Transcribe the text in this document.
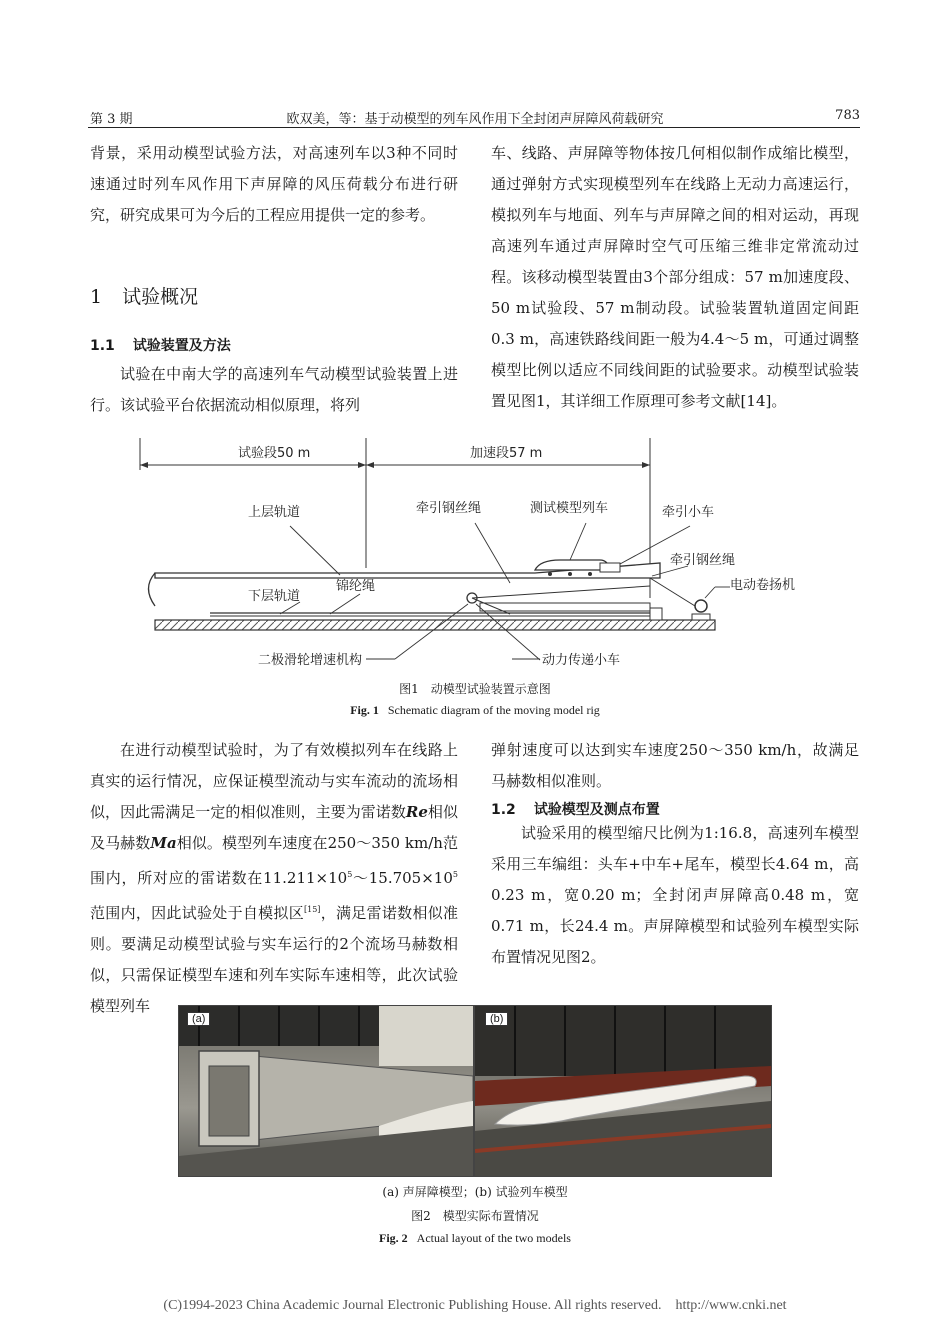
第 3 期	欧双美，等：基于动模型的列车风作用下全封闭声屏障风荷载研究	783

背景，采用动模型试验方法，对高速列车以3种不同时速通过时列车风作用下声屏障的风压荷载分布进行研究，研究成果可为今后的工程应用提供一定的参考。

1 试验概况
1.1 试验装置及方法

试验在中南大学的高速列车气动模型试验装置上进行。该试验平台依据流动相似原理，将列

车、线路、声屏障等物体按几何相似制作成缩比模型，通过弹射方式实现模型列车在线路上无动力高速运行，模拟列车与地面、列车与声屏障之间的相对运动，再现高速列车通过声屏障时空气可压缩三维非定常流动过程。该移动模型装置由3个部分组成：57 m加速度段、50 m试验段、57 m制动段。试验装置轨道固定间距0.3 m，高速铁路线间距一般为4.4～5 m，可通过调整模型比例以适应不同线间距的试验要求。动模型试验装置见图1，其详细工作原理可参考文献[14]。

试验段50 m	加速段57 m
上层轨道	牵引钢丝绳	测试模型列车	牵引小车
牵引钢丝绳
电动卷扬机
下层轨道
锦纶绳
二极滑轮增速机构	动力传递小车
图1　动模型试验装置示意图
Fig. 1 Schematic diagram of the moving model rig

在进行动模型试验时，为了有效模拟列车在线路上真实的运行情况，应保证模型流动与实车流动的流场相似，因此需满足一定的相似准则，主要为雷诺数Re相似及马赫数Ma相似。模型列车速度在250～350 km/h范围内，所对应的雷诺数在$11.211\times 10^5\sim 15.705\times 10^5$范围内，因此试验处于自模拟区[15]，满足雷诺数相似准则。要满足动模型试验与实车运行的2个流场马赫数相似，只需保证模型车速和列车实际车速相等，此次试验模型列车

弹射速度可以达到实车速度250～350 km/h，故满足马赫数相似准则。

1.2 试验模型及测点布置

试验采用的模型缩尺比例为1:16.8，高速列车模型采用三车编组：头车+中车+尾车，模型长4.64 m，高0.23 m，宽0.20 m；全封闭声屏障高0.48 m，宽0.71 m，长24.4 m。声屏障模型和试验列车模型实际布置情况见图2。

(a)	(b)
(a) 声屏障模型；(b) 试验列车模型
图2　模型实际布置情况
Fig. 2 Actual layout of the two models
(C)1994-2023 China Academic Journal Electronic Publishing House. All rights reserved.    http://www.cnki.net
